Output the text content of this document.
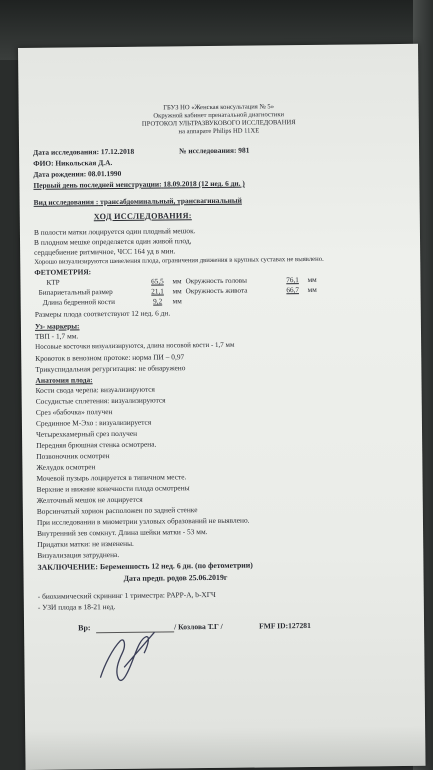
ГБУЗ НО «Женская консультация № 5»
Окружной кабинет пренатальной диагностики
ПРОТОКОЛ УЛЬТРАЗВУКОВОГО ИССЛЕДОВАНИЯ
на аппарате Philips HD 11XE
Дата исследования: 17.12.2018	№ исследования: 981
ФИО: Никольская Д.А.
Дата рождения: 08.01.1990
Первый день последней менструации: 18.09.2018 (12 нед. 6 дн. )
Вид исследования : трансабдоминальный, трансвагинальный
ХОД ИССЛЕДОВАНИЯ:
В полости матки лоцируется один плодный мешок.
В плодном мешке определяется один живой плод,
сердцебиение ритмичное, ЧСС 164 уд в мин.
Хорошо визуализируются шевеления плода, ограничения движения в крупных суставах не выявлено.
ФЕТОМЕТРИЯ:
КТР	65,5	мм	Окружность головы	76,1	мм
Бипариетальный размер	21,1	мм	Окружность живота	66,7	мм
Длина бедренной кости	9,2	мм			
Размеры плода соответствуют 12 нед. 6 дн.
Уз- маркеры:
ТВП - 1,7 мм.
Носовые косточки визуализируются, длина носовой кости - 1,7 мм
Кровоток в венозном протоке: норма ПИ – 0,97
Трикуспидальная регургитация: не обнаружено
Анатомия плода:
Кости свода черепа: визуализируются
Сосудистые сплетения: визуализируются
Срез «бабочка» получен
Срединное М-Эхо : визуализируется
Четырехкамерный срез получен
Передняя брюшная стенка осмотрена.
Позвоночник осмотрен
Желудок осмотрен
Мочевой пузырь лоцируется в типичном месте.
Верхние и нижние конечности плода осмотрены
Желточный мешок не лоцируется
Ворсинчатый хорион расположен по задней стенке
При исследовании в миометрии узловых образований не выявлено.
Внутренний зев сомкнут. Длина шейки матки - 53 мм.
Придатки матки: не изменены.
Визуализация затруднена.
ЗАКЛЮЧЕНИЕ: Беременность 12 нед. 6 дн. (по фетометрии)
Дата предп. родов 25.06.2019г
- биохимический скрининг 1 триместра: PAPP-A, b-ХГЧ
- УЗИ плода в 18-21 нед.
Вр:	/ Козлова Т.Г /	FMF ID:127281
